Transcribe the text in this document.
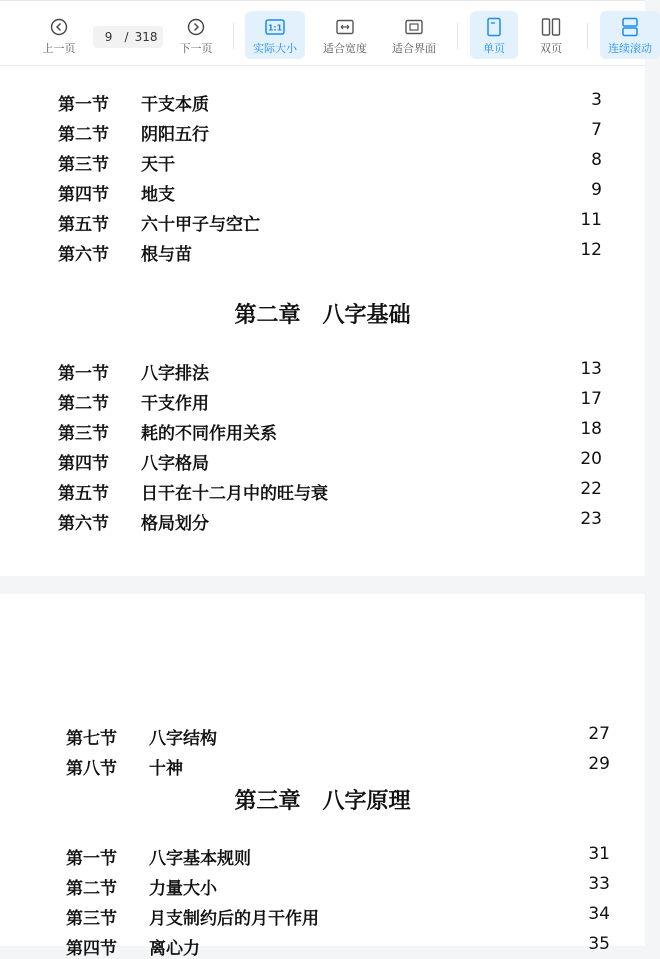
上一页
9
/ 318
下一页
1:1
实际大小 适合宽度 适合界面	单页	双页	连续滚动
第一节 干支本质	3
第二节 阴阳五行	7
第三节 天干	8
第四节 地支	9
第五节 六十甲子与空亡	11
第六节 根与苗	12
第二章　八字基础
第一节 八字排法	13
第二节 干支作用	17
第三节 耗的不同作用关系	18
第四节 八字格局	20
第五节 日干在十二月中的旺与衰	22
第六节 格局划分	23
第七节 八字结构	27
第八节 十神	29
第三章　八字原理
第一节 八字基本规则	31
第二节 力量大小	33
第三节 月支制约后的月干作用	34
第四节 离心力	35
